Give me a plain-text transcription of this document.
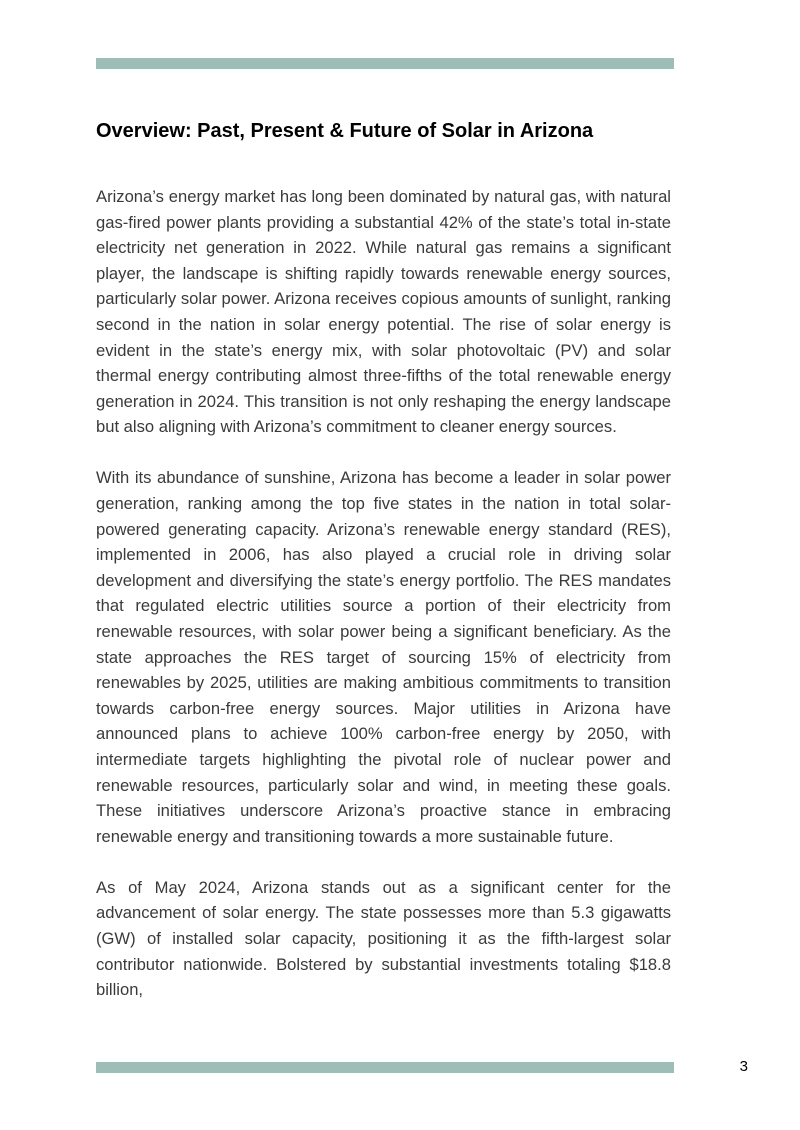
Overview: Past, Present & Future of Solar in Arizona

Arizona’s energy market has long been dominated by natural gas, with natural gas-fired power plants providing a substantial 42% of the state’s total in-state electricity net generation in 2022. While natural gas remains a significant player, the landscape is shifting rapidly towards renewable energy sources, particularly solar power. Arizona receives copious amounts of sunlight, ranking second in the nation in solar energy potential. The rise of solar energy is evident in the state’s energy mix, with solar photovoltaic (PV) and solar thermal energy contributing almost three-fifths of the total renewable energy generation in 2024. This transition is not only reshaping the energy landscape but also aligning with Arizona’s commitment to cleaner energy sources.

With its abundance of sunshine, Arizona has become a leader in solar power generation, ranking among the top five states in the nation in total solar-powered generating capacity. Arizona’s renewable energy standard (RES), implemented in 2006, has also played a crucial role in driving solar development and diversifying the state’s energy portfolio. The RES mandates that regulated electric utilities source a portion of their electricity from renewable resources, with solar power being a significant beneficiary. As the state approaches the RES target of sourcing 15% of electricity from renewables by 2025, utilities are making ambitious commitments to transition towards carbon-free energy sources. Major utilities in Arizona have announced plans to achieve 100% carbon-free energy by 2050, with intermediate targets highlighting the pivotal role of nuclear power and renewable resources, particularly solar and wind, in meeting these goals. These initiatives underscore Arizona’s proactive stance in embracing renewable energy and transitioning towards a more sustainable future.

As of May 2024, Arizona stands out as a significant center for the advancement of solar energy. The state possesses more than 5.3 gigawatts (GW) of installed solar capacity, positioning it as the fifth-largest solar contributor nationwide. Bolstered by substantial investments totaling $18.8 billion,

3
